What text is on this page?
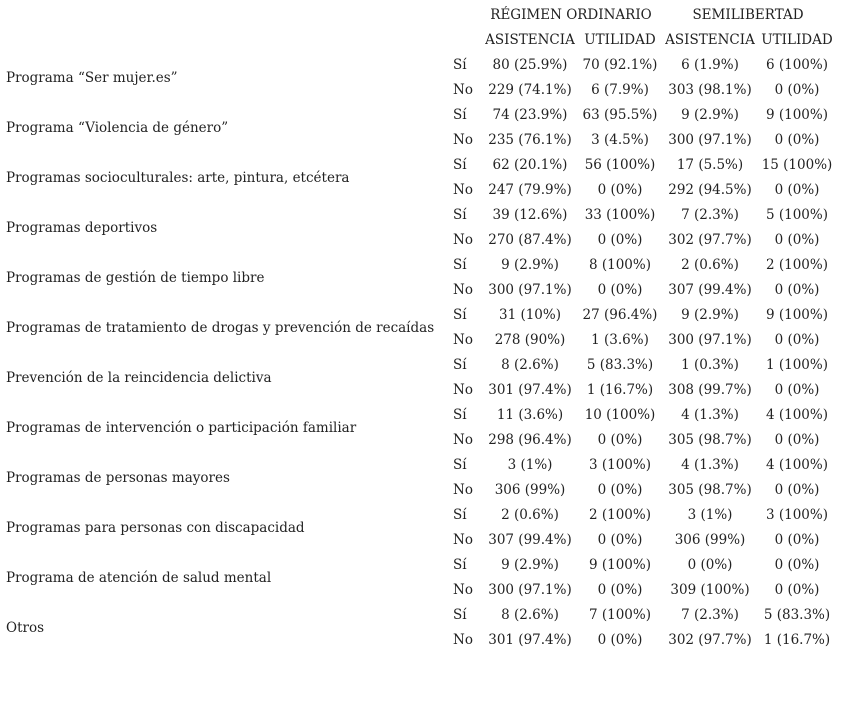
		RÉGIMEN ORDINARIO		SEMILIBERTAD	
		ASISTENCIA	UTILIDAD	ASISTENCIA	UTILIDAD
Programa “Ser mujer.es”	Sí	80 (25.9%)	70 (92.1%)	6 (1.9%)	6 (100%)
	No	229 (74.1%)	6 (7.9%)	303 (98.1%)	0 (0%)
Programa “Violencia de género”	Sí	74 (23.9%)	63 (95.5%)	9 (2.9%)	9 (100%)
	No	235 (76.1%)	3 (4.5%)	300 (97.1%)	0 (0%)
Programas socioculturales: arte, pintura, etcétera	Sí	62 (20.1%)	56 (100%)	17 (5.5%)	15 (100%)
	No	247 (79.9%)	0 (0%)	292 (94.5%)	0 (0%)
Programas deportivos	Sí	39 (12.6%)	33 (100%)	7 (2.3%)	5 (100%)
	No	270 (87.4%)	0 (0%)	302 (97.7%)	0 (0%)
Programas de gestión de tiempo libre	Sí	9 (2.9%)	8 (100%)	2 (0.6%)	2 (100%)
	No	300 (97.1%)	0 (0%)	307 (99.4%)	0 (0%)
Programas de tratamiento de drogas y prevención de recaídas	Sí	31 (10%)	27 (96.4%)	9 (2.9%)	9 (100%)
	No	278 (90%)	1 (3.6%)	300 (97.1%)	0 (0%)
Prevención de la reincidencia delictiva	Sí	8 (2.6%)	5 (83.3%)	1 (0.3%)	1 (100%)
	No	301 (97.4%)	1 (16.7%)	308 (99.7%)	0 (0%)
Programas de intervención o participación familiar	Sí	11 (3.6%)	10 (100%)	4 (1.3%)	4 (100%)
	No	298 (96.4%)	0 (0%)	305 (98.7%)	0 (0%)
Programas de personas mayores	Sí	3 (1%)	3 (100%)	4 (1.3%)	4 (100%)
	No	306 (99%)	0 (0%)	305 (98.7%)	0 (0%)
Programas para personas con discapacidad	Sí	2 (0.6%)	2 (100%)	3 (1%)	3 (100%)
	No	307 (99.4%)	0 (0%)	306 (99%)	0 (0%)
Programa de atención de salud mental	Sí	9 (2.9%)	9 (100%)	0 (0%)	0 (0%)
	No	300 (97.1%)	0 (0%)	309 (100%)	0 (0%)
Otros	Sí	8 (2.6%)	7 (100%)	7 (2.3%)	5 (83.3%)
	No	301 (97.4%)	0 (0%)	302 (97.7%)	1 (16.7%)
